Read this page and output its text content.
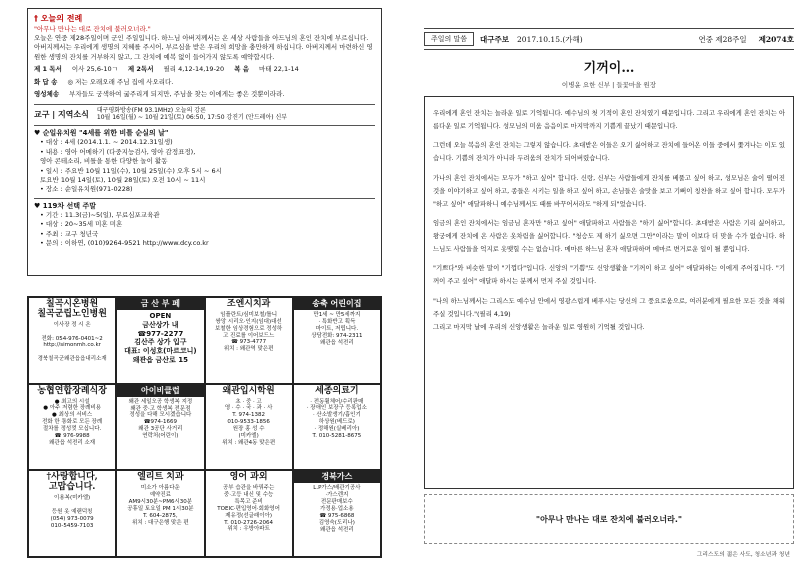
† 오늘의 전례
"아무나 만나는 대로 잔치에 불러오너라."
오늘은 연중 제28주일이며 군인 주일입니다. 하느님 아버지께서는 온 세상 사람들을 아드님의 혼인 잔치에 부르십니다. 아버지께서는 우리에게 생명의 지혜를 주시어, 부르심을 받은 우리의 희망을 충만하게 하십니다. 아버지께서 마련하신 영원한 생명의 잔치를 거부하지 않고, 그 잔치에 예복 없이 들어가지 않도록 예약합시다.
제 1 독서 이사 25,6-10ㄱ 제 2독서 필리 4,12-14,19-20 복 음 마태 22,1-14
화 답 송 ◎ 저는 오래오래 주님 집에 사오리다.
영성체송 부자들도 궁색하여 굶주리게 되지만, 주님을 찾는 이에게는 좋은 것뿐이라라.
교구 | 지역소식 대구평화방송(FM 93.1MHz) 오늘의 강론
10월 16일(월) ~ 10월 21일(토) 06:50, 17:50 강진기 (안드레아) 신부
♥ 순일유치원 "4세를 위한 비틀 순실의 날"
• 대상 : 4세 (2014.1.1. ~ 2014.12.31일생)
• 내용 : 영아 어메하기 (다중지능검사, 영아 감정표정),
영아 콘테소리, 비틀을 통한 다양한 놀이 활동
• 일시 : 주요반 10월 11일(수), 10월 25일(수) 오후 5시 ~ 6시
토요반 10월 14일(토), 10월 28일(토) 오전 10시 ~ 11시
• 장소 : 순일유치원(971-0228)
♥ 119차 선택 주말
• 기간 : 11.3(금)~5(일), 무료심포교육관
• 대상 : 20~35세 미혼 미혼
• 주최 : 교구 청년국
• 문의 : 이하연, (010)9264-9521 http://www.dcy.co.kr
칠곡시온병원
칠곡군립노인병원
이사장 정 시 온

전화: 054-976-0401~2
http://simonmh.co.kr

경북칠곡군왜관읍읍내리소재
금 산 부 페
OPEN
금산상가 내
☎977-2277
김산주 상가 입구
대표: 이성호(마르코니)
왜관읍 금산로 15
조엔시치과
임플란트/심미보철/틀니
쌍앙 시리오·인지(임대)대선
보철한 임상경험으로 정성하
고 진료를 이어보드느
☎ 973-4777
위치 : 왜관역 맞은편
송축 어린이집
만1세 ~ 만5세까지
· 특화반고 획득
마이트, 저립니다.
상담전화: 974-2311
왜관읍 석전리
농협연합장례식장
● 최고의 시설
● 아주 저렴한 장례비용
● 최상의 서비스
전화 한 통화로 모든 장례
절차를 정성껏 모십니다.
☎ 976-9988
왜관읍 석전리 소재
아이비클럽
왜관 세일오공 학생복 지정
왜관 중·고 학생복 전문점
정성을 다해 모시겠습니다
☎974-1669
왜관 3공단 사거리
연락처(어린이)
왜관입시학원
초 · 중 · 고
영 · 수 · 국 · 과 · 사
T. 974-1382
010-9533-1856
원장 홍 성 수
(미카엘)
위치 : 왜관4동 맞은편
세종의료기
· 전동휠체어/수리판매
· 장애인 보장구 등록업소
· 산소발생기/흡인기
하상원(베드로)
· 정해원(실베리아)
T. 010-5281-8675
†사랑합니다,
고맙습니다.
이용복(미카엘)

등원 옷 예랜덕칭
(054) 973-0079
010-5459-7103
엘리트 치과
미소가 아름다운
예약진료
AM9시30분~PM6시30분
공휴일 토요일 PM 1시30분
T. 604-2875,
위치 : 대구은행 맞은 편
영어 과외
공부 습관을 바꿔주는
중·고등 내신 및 수능
특목고 준비
TOEIC·편입영어·회화영어
제유정(선글래이아)
T. 010-2726-2064
위치 : 우방아파트
경북가스
L.P가스/배관기공사
·가스렌지
전문판매보수
가정용·업소용
☎ 975-6868
김영숙(도리나)
왜관읍 석전리
주일의 말씀	대구주보 2017.10.15.(가해)	연중 제28주일 제2074호
기꺼이…
이병윤 요한 신부 | 들꽃마을 원장

우리에게 혼인 잔치는 놀라운 일로 기억됩니다. 예수님의 첫 기적이 혼인 잔치였기 때문입니다. 그리고 우리에게 혼인 잔치는 아름다운 일로 기억됩니다. 성모님의 미움 음음이로 마지막까지 기쁨게 끝났기 때문입니다.

그런데 오늘 복음의 혼인 잔치는 그렇지 않습니다. 초대받은 이들은 오기 싫어하고 잔치에 들어온 이들 중에서 쫓겨나는 이도 있습니다. 기쁨의 잔치가 아니라 두려움의 잔치가 되어버렸습니다.

가나의 혼인 잔치에서는 모두가 "하고 싶어" 합니다. 신랑, 신부는 사람들에게 잔치를 베풀고 싶어 하고, 성모님은 술이 떨어진 것을 이야기하고 싶어 하고, 종들은 시키는 일을 하고 싶어 하고, 손님들은 술맛을 보고 기뻐이 칭찬을 하고 싶어 합니다. 모두가 "하고 싶어" 애달파하니 예수님께서도 때를 바꾸어서라도 "하게 되"었습니다.

임금의 혼인 잔치에서는 임금님 혼자만 "하고 싶어" 애달파하고 사람들은 "하기 싫어"합니다. 초대받은 사람은 기리 싫어하고, 왕궁에게 잔치에 온 사람은 옷차림을 싫어합니다. "청승도 제 하기 싫으면 그만"이라는 말이 이보다 더 맞을 수가 없습니다. 하느님도 사람들을 억지로 옷맺힐 수는 없습니다. 메마른 하느님 혼자 애달파하며 메마르 변거로운 일이 될 뿐입니다.

"기쁘다"와 비슷한 말이 "기껍다"입니다. 신앙의 "기쁨"도 신앙생활을 "기꺼이 하고 싶어" 애달파하는 이에게 주어집니다. "기꺼이 주고 싶어" 애달파 하시는 분께서 먼저 주실 것입니다.

"나의 하느님께서는 그리스도 예수님 안에서 영광스럽게 베푸시는 당신의 그 풍요로움으로, 여러분에게 필요한 모든 것을 채워 주실 것입니다."(필리 4,19)
그리고 마지막 날에 우리의 신앙생활은 놀라운 일로 영원히 기억될 것입니다.

"아무나 만나는 대로 잔치에 불러오너라."
그리스도의 젊은 사도, 청소년과 청년
